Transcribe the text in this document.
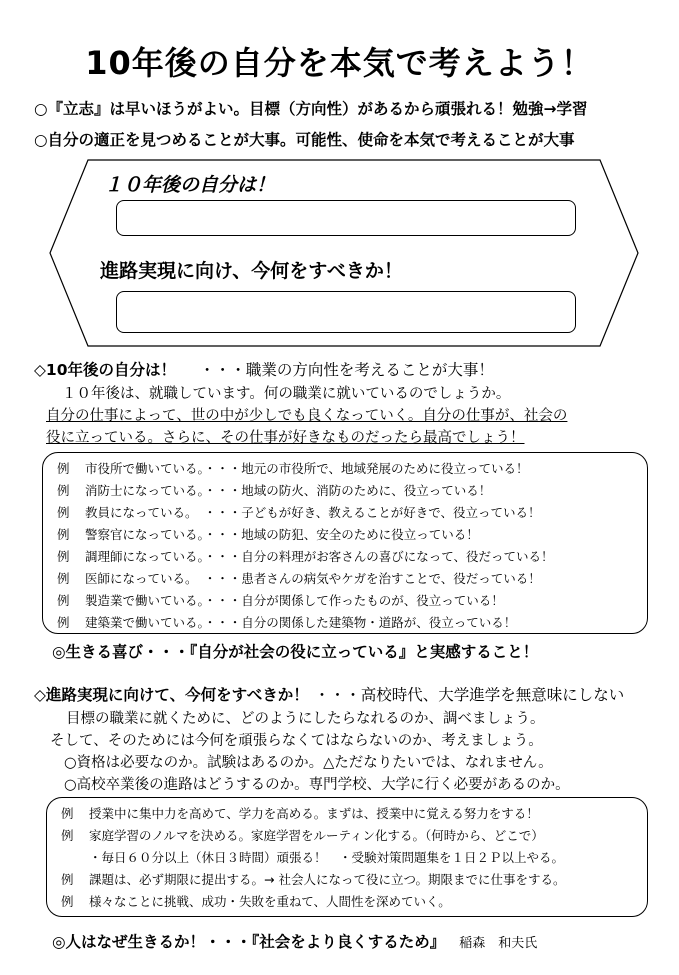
10年後の自分を本気で考えよう！
○『立志』は早いほうがよい。目標（方向性）があるから頑張れる！勉強→学習
○自分の適正を見つめることが大事。可能性、使命を本気で考えることが大事
１０年後の自分は！
進路実現に向け、今何をすべきか！
◇10年後の自分は！ ・・・職業の方向性を考えることが大事！
１０年後は、就職しています。何の職業に就いているのでしょうか。
自分の仕事によって、世の中が少しでも良くなっていく。自分の仕事が、社会の
役に立っている。さらに、その仕事が好きなものだったら最高でしょう！
例 市役所で働いている。・・・地元の市役所で、地域発展のために役立っている！
例 消防士になっている。・・・地域の防火、消防のために、役立っている！
例 教員になっている。　・・・子どもが好き、教えることが好きで、役立っている！
例 警察官になっている。・・・地域の防犯、安全のために役立っている！
例 調理師になっている。・・・自分の料理がお客さんの喜びになって、役だっている！
例 医師になっている。　・・・患者さんの病気やケガを治すことで、役だっている！
例 製造業で働いている。・・・自分が関係して作ったものが、役立っている！
例 建築業で働いている。・・・自分の関係した建築物・道路が、役立っている！
◎生きる喜び・・・『自分が社会の役に立っている』と実感すること！
◇進路実現に向けて、今何をすべきか！ ・・・高校時代、大学進学を無意味にしない
目標の職業に就くために、どのようにしたらなれるのか、調べましょう。
そして、そのためには今何を頑張らなくてはならないのか、考えましょう。
○資格は必要なのか。試験はあるのか。△ただなりたいでは、なれません。
○高校卒業後の進路はどうするのか。専門学校、大学に行く必要があるのか。
例 授業中に集中力を高めて、学力を高める。まずは、授業中に覚える努力をする！
例 家庭学習のノルマを決める。家庭学習をルーティン化する。（何時から、どこで）
・毎日６０分以上（休日３時間）頑張る！　・受験対策問題集を１日２Ｐ以上やる。
例 課題は、必ず期限に提出する。→ 社会人になって役に立つ。期限までに仕事をする。
例 様々なことに挑戦、成功・失敗を重ねて、人間性を深めていく。
◎人はなぜ生きるか！・・・『社会をより良くするため』 稲森　和夫氏
